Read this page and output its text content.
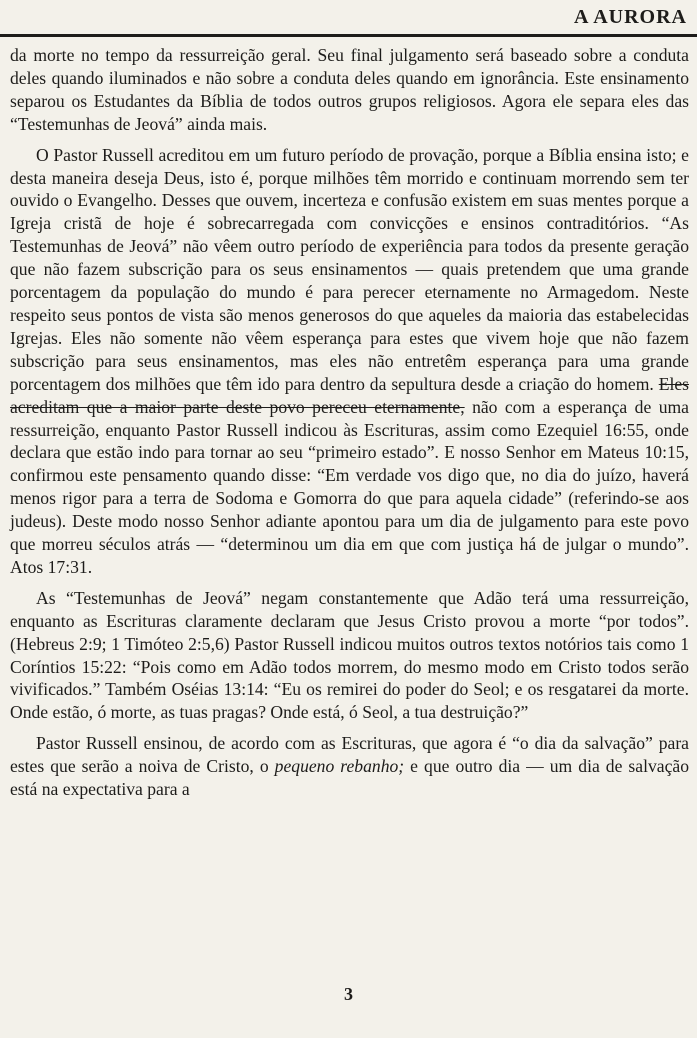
A AURORA

da morte no tempo da ressurreição geral. Seu final julgamento será baseado sobre a conduta deles quando iluminados e não sobre a conduta deles quando em ignorância. Este ensinamento separou os Estudantes da Bíblia de todos outros grupos religiosos. Agora ele separa eles das “Testemunhas de Jeová” ainda mais.

O Pastor Russell acreditou em um futuro período de provação, porque a Bíblia ensina isto; e desta maneira deseja Deus, isto é, porque milhões têm morrido e continuam morrendo sem ter ouvido o Evangelho. Desses que ouvem, incerteza e confusão existem em suas mentes porque a Igreja cristã de hoje é sobrecarregada com convicções e ensinos contraditórios. “As Testemunhas de Jeová” não vêem outro período de experiência para todos da presente geração que não fazem subscrição para os seus ensinamentos — quais pretendem que uma grande porcentagem da população do mundo é para perecer eternamente no Armagedom. Neste respeito seus pontos de vista são menos generosos do que aqueles da maioria das estabelecidas Igrejas. Eles não somente não vêem esperança para estes que vivem hoje que não fazem subscrição para seus ensinamentos, mas eles não entretêm esperança para uma grande porcentagem dos milhões que têm ido para dentro da sepultura desde a criação do homem. Eles acreditam que a maior parte deste povo pereceu eternamente, não com a esperança de uma ressurreição, enquanto Pastor Russell indicou às Escrituras, assim como Ezequiel 16:55, onde declara que estão indo para tornar ao seu “primeiro estado”. E nosso Senhor em Mateus 10:15, confirmou este pensamento quando disse: “Em verdade vos digo que, no dia do juízo, haverá menos rigor para a terra de Sodoma e Gomorra do que para aquela cidade” (referindo-se aos judeus). Deste modo nosso Senhor adiante apontou para um dia de julgamento para este povo que morreu séculos atrás — “determinou um dia em que com justiça há de julgar o mundo”. Atos 17:31.

As “Testemunhas de Jeová” negam constantemente que Adão terá uma ressurreição, enquanto as Escrituras claramente declaram que Jesus Cristo provou a morte “por todos”. (Hebreus 2:9; 1 Timóteo 2:5,6) Pastor Russell indicou muitos outros textos notórios tais como 1 Coríntios 15:22: “Pois como em Adão todos morrem, do mesmo modo em Cristo todos serão vivificados.” Também Oséias 13:14: “Eu os remirei do poder do Seol; e os resgatarei da morte. Onde estão, ó morte, as tuas pragas? Onde está, ó Seol, a tua destruição?”

Pastor Russell ensinou, de acordo com as Escrituras, que agora é “o dia da salvação” para estes que serão a noiva de Cristo, o pequeno rebanho; e que outro dia — um dia de salvação está na expectativa para a

3
